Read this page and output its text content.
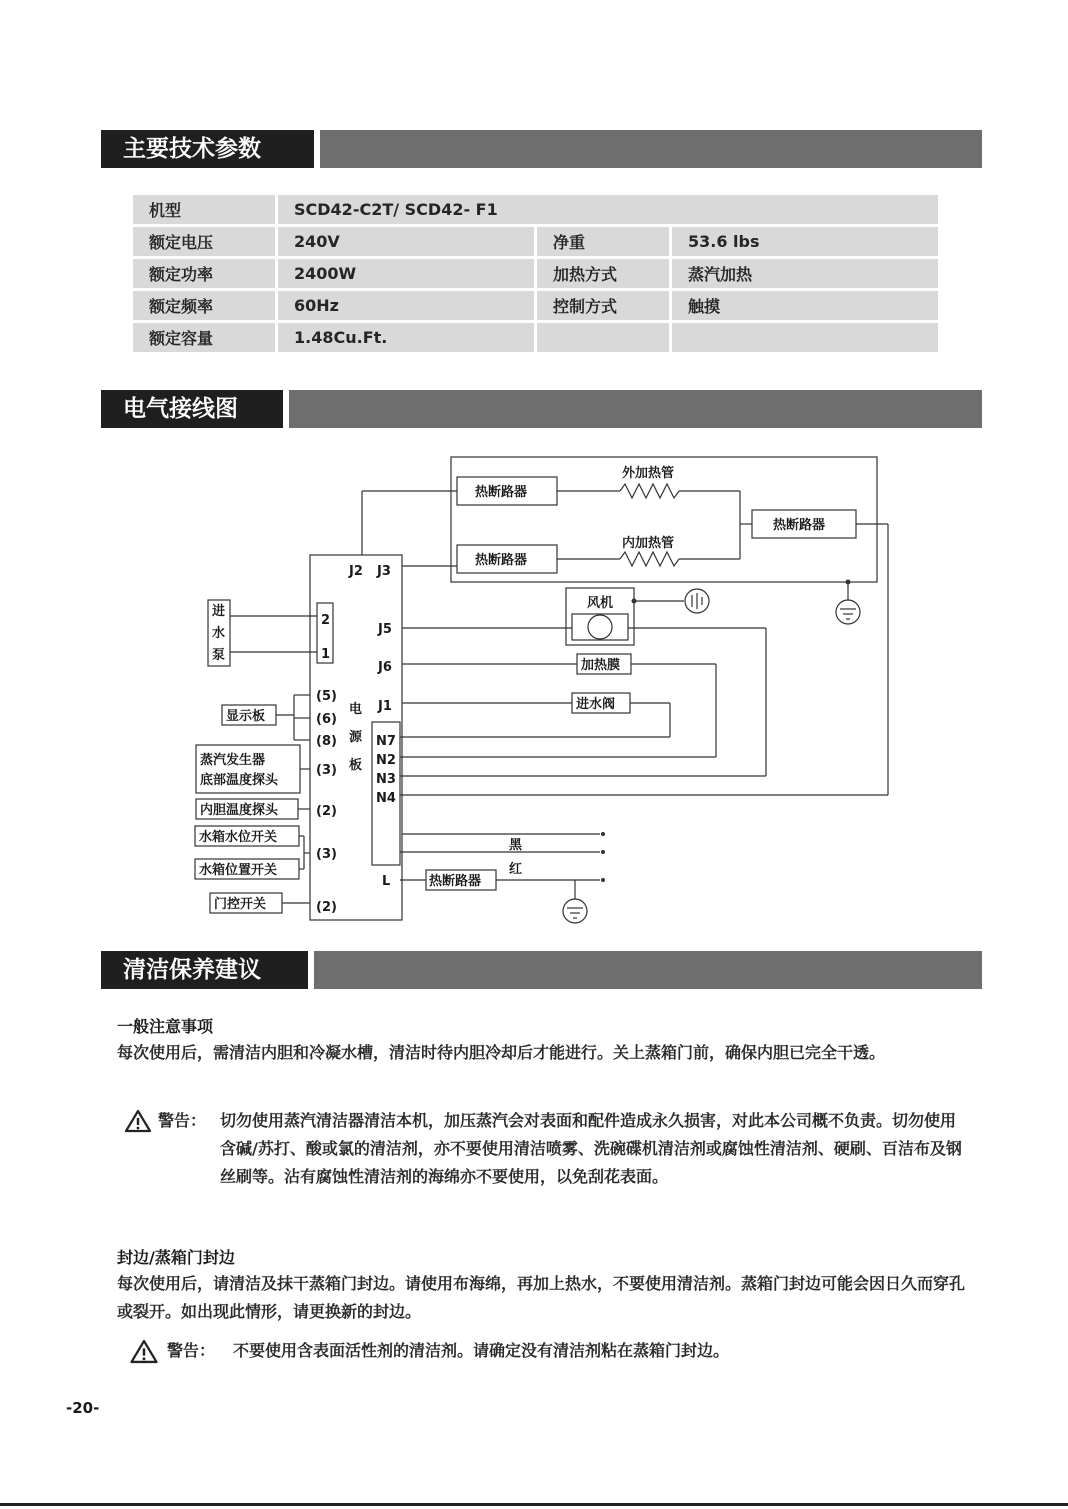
主要技术参数
机型	SCD42-C2T/ SCD42- F1		
额定电压	240V	净重	53.6 lbs
额定功率	2400W	加热方式	蒸汽加热
额定频率	60Hz	控制方式	触摸
额定容量	1.48Cu.Ft.		
电气接线图
热断路器
热断路器
热断路器
热断路器
外加热管
内加热管
风机
加热膜
进水阀
进
水
泵
显示板
蒸汽发生器
底部温度探头
内胆温度探头
水箱水位开关
水箱位置开关
门控开关
黑
红
J2 J3
J5
J6
J1
N7
N2
N3
N4
L
2
1
(5)
(6)
(8)
(3)
(2)
(3)
(2)
电
源
板
清洁保养建议
一般注意事项
每次使用后，需清洁内胆和冷凝水槽，清洁时待内胆冷却后才能进行。关上蒸箱门前，确保内胆已完全干透。
警告： 切勿使用蒸汽清洁器清洁本机，加压蒸汽会对表面和配件造成永久损害，对此本公司概不负责。切勿使用含碱/苏打、酸或氯的清洁剂，亦不要使用清洁喷雾、洗碗碟机清洁剂或腐蚀性清洁剂、硬刷、百洁布及钢丝刷等。沾有腐蚀性清洁剂的海绵亦不要使用，以免刮花表面。
封边/蒸箱门封边
每次使用后，请清洁及抹干蒸箱门封边。请使用布海绵，再加上热水，不要使用清洁剂。蒸箱门封边可能会因日久而穿孔或裂开。如出现此情形，请更换新的封边。
警告： 不要使用含表面活性剂的清洁剂。请确定没有清洁剂粘在蒸箱门封边。
-20-
